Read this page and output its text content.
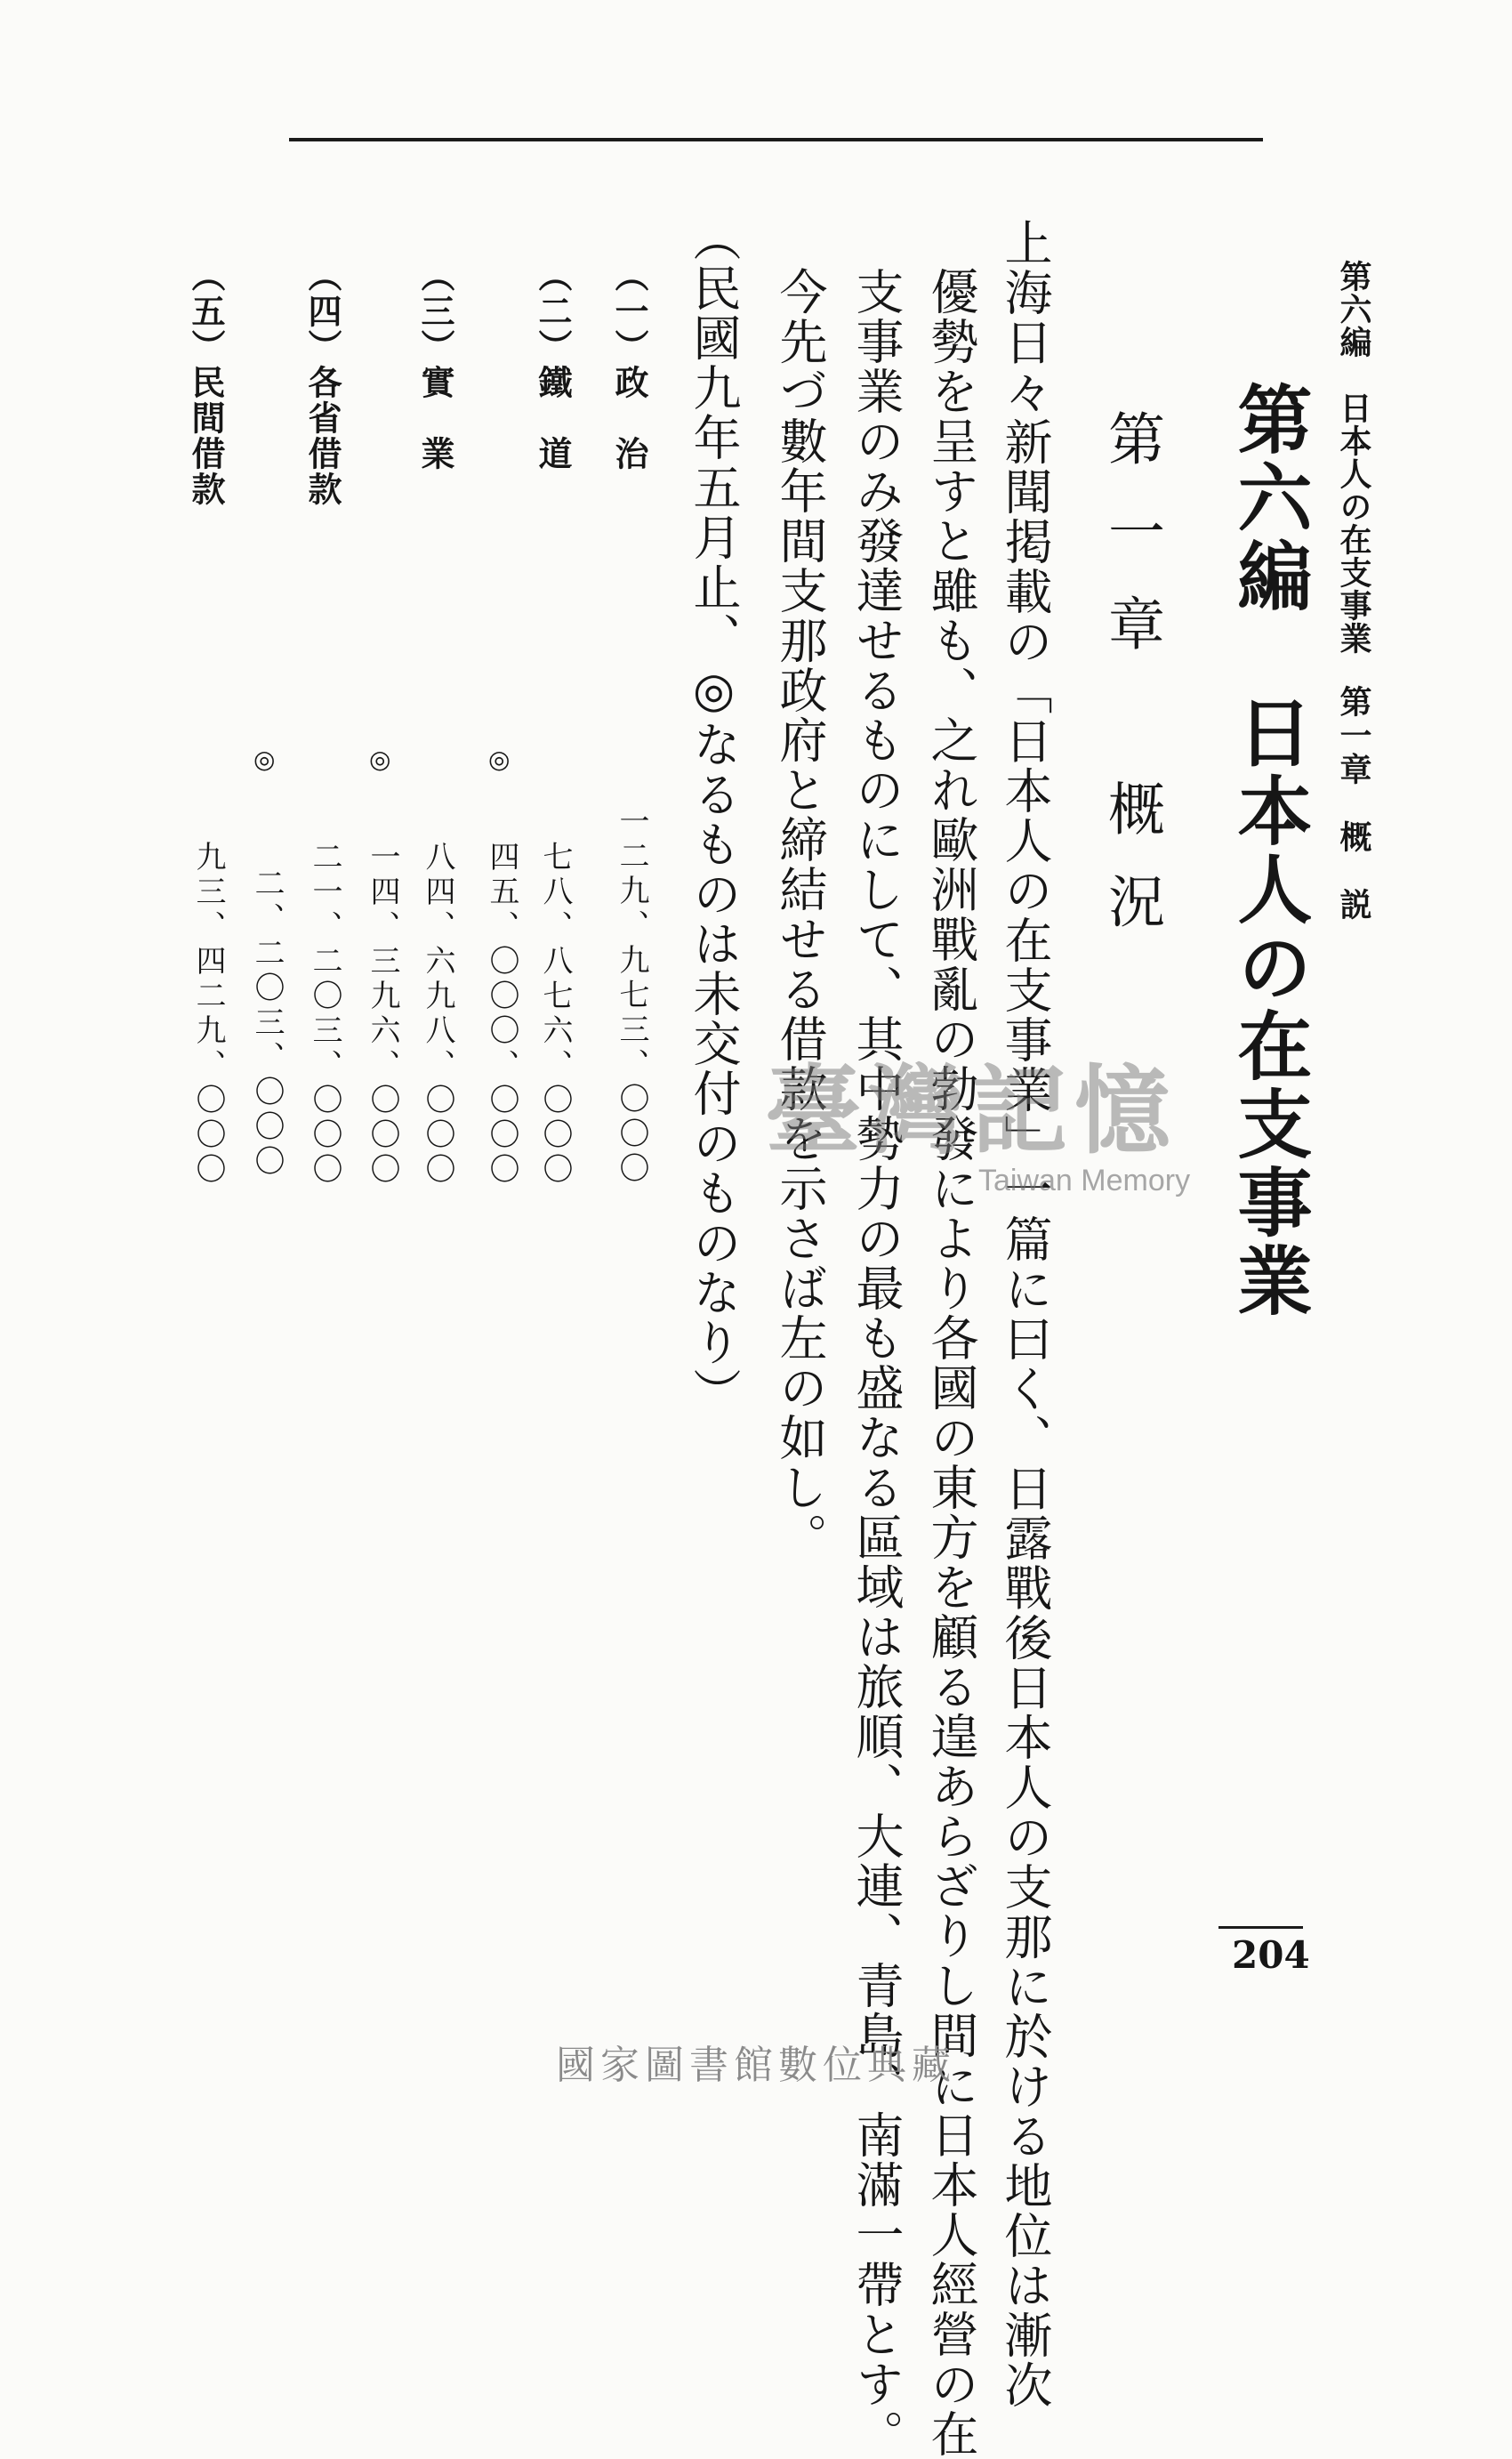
第六編　日本人の在支事業
第一章　概　説
第六編　日本人の在支事業
第一章　概況
上海日々新聞掲載の「日本人の在支事業」一篇に曰く、日露戰後日本人の支那に於ける地位は漸次
優勢を呈すと雖も、之れ歐洲戰亂の勃發により各國の東方を顧る遑あらざりし間に日本人經營の在
支事業のみ發達せるものにして、其中勢力の最も盛なる區域は旅順、大連、青島、南滿一帶とす。
今先づ數年間支那政府と締結せる借款を示さば左の如し。
（民國九年五月止、◎なるものは未交付のものなり）
（一）政　治
一二九、九七三、〇〇〇
（二）鐵　道
七八、八七六、〇〇〇
◎
四五、〇〇〇、〇〇〇
（三）實　業
八四、六九八、〇〇〇
◎
一四、三九六、〇〇〇
（四）各省借款
二一、二〇三、〇〇〇
◎
二、二〇三、〇〇〇
（五）民間借款
九三、四二九、〇〇〇
204
臺灣記憶
Taiwan Memory
國家圖書館數位典藏
